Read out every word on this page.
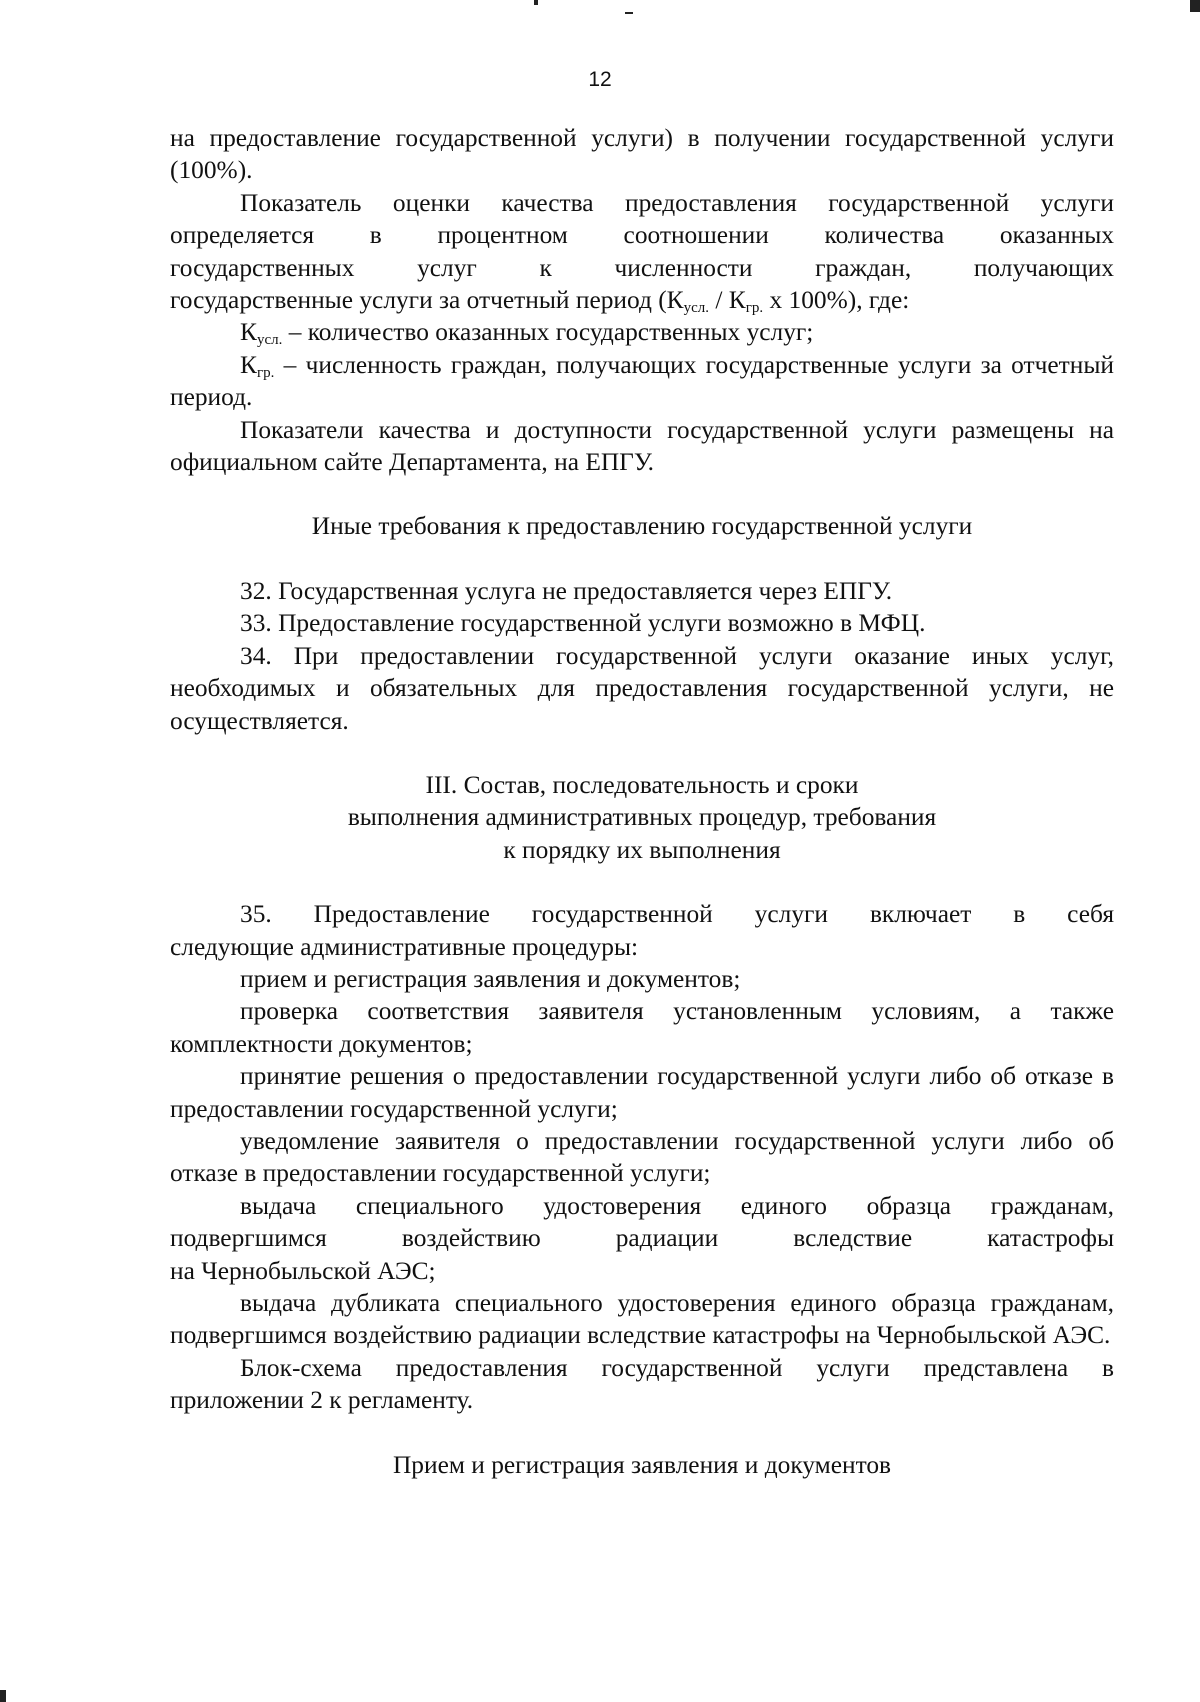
12

на предоставление государственной услуги) в получении государственной услуги (100%).

Показатель оценки качества предоставления государственной услуги определяется в процентном соотношении количества оказанных

государственных услуг к численности граждан, получающих

государственные услуги за отчетный период ($К_{усл.} / К_{гр.}$ х 100%), где:

$К_{усл.}$ – количество оказанных государственных услуг;

$К_{гр.}$ – численность граждан, получающих государственные услуги за отчетный период.

Показатели качества и доступности государственной услуги размещены на официальном сайте Департамента, на ЕПГУ.

Иные требования к предоставлению государственной услуги

32. Государственная услуга не предоставляется через ЕПГУ.

33. Предоставление государственной услуги возможно в МФЦ.

34. При предоставлении государственной услуги оказание иных услуг, необходимых и обязательных для предоставления государственной услуги, не осуществляется.

III. Состав, последовательность и сроки

выполнения административных процедур, требования

к порядку их выполнения

35. Предоставление государственной услуги включает в себя

следующие административные процедуры:

прием и регистрация заявления и документов;

проверка соответствия заявителя установленным условиям, а также комплектности документов;

принятие решения о предоставлении государственной услуги либо об отказе в предоставлении государственной услуги;

уведомление заявителя о предоставлении государственной услуги либо об отказе в предоставлении государственной услуги;

выдача специального удостоверения единого образца гражданам,

подвергшимся воздействию радиации вследствие катастрофы

на Чернобыльской АЭС;

выдача дубликата специального удостоверения единого образца гражданам, подвергшимся воздействию радиации вследствие катастрофы на Чернобыльской АЭС.

Блок-схема предоставления государственной услуги представлена в приложении 2 к регламенту.

Прием и регистрация заявления и документов
